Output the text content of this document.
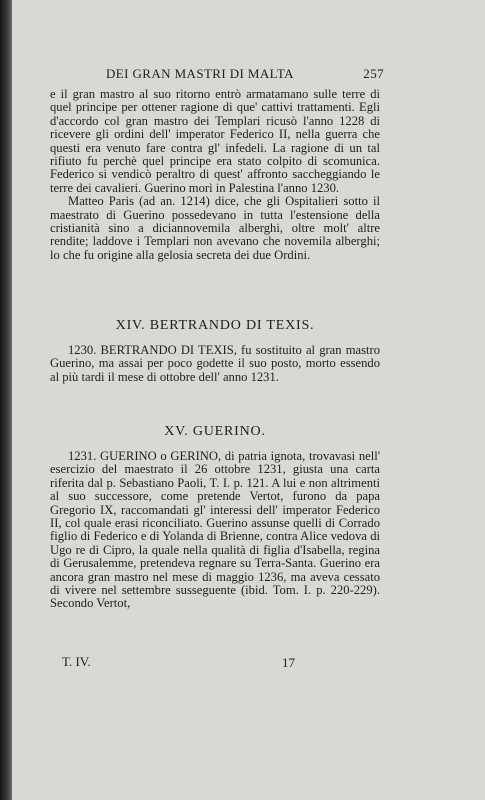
DEI GRAN MASTRI DI MALTA	257

e il gran mastro al suo ritorno entrò armatamano sulle terre di quel principe per ottener ragione di que' cattivi trattamenti. Egli d'accordo col gran mastro dei Templari ricusò l'anno 1228 di ricevere gli ordini dell' imperator Federico II, nella guerra che questi era venuto fare contra gl' infedeli. La ragione di un tal rifiuto fu perchè quel principe era stato colpito di scomunica. Federico si vendicò peraltro di quest' affronto saccheggiando le terre dei cavalieri. Guerino morì in Palestina l'anno 1230.

Matteo Paris (ad an. 1214) dice, che gli Ospitalieri sotto il maestrato di Guerino possedevano in tutta l'estensione della cristianità sino a diciannovemila alberghi, oltre molt' altre rendite; laddove i Templari non avevano che novemila alberghi; lo che fu origine alla gelosia secreta dei due Ordini.

XIV. BERTRANDO DI TEXIS.

1230. BERTRANDO DI TEXIS, fu sostituito al gran mastro Guerino, ma assai per poco godette il suo posto, morto essendo al più tardi il mese di ottobre dell' anno 1231.

XV. GUERINO.

1231. GUERINO o GERINO, di patria ignota, trovavasi nell' esercizio del maestrato il 26 ottobre 1231, giusta una carta riferita dal p. Sebastiano Paoli, T. I. p. 121. A lui e non altrimenti al suo successore, come pretende Vertot, furono da papa Gregorio IX, raccomandati gl' interessi dell' imperator Federico II, col quale erasi riconciliato. Guerino assunse quelli di Corrado figlio di Federico e di Yolanda di Brienne, contra Alice vedova di Ugo re di Cipro, la quale nella qualità di figlia d'Isabella, regina di Gerusalemme, pretendeva regnare su Terra-Santa. Guerino era ancora gran mastro nel mese di maggio 1236, ma aveva cessato di vivere nel settembre susseguente (ibid. Tom. I. p. 220-229). Secondo Vertot,

T. IV.	17
